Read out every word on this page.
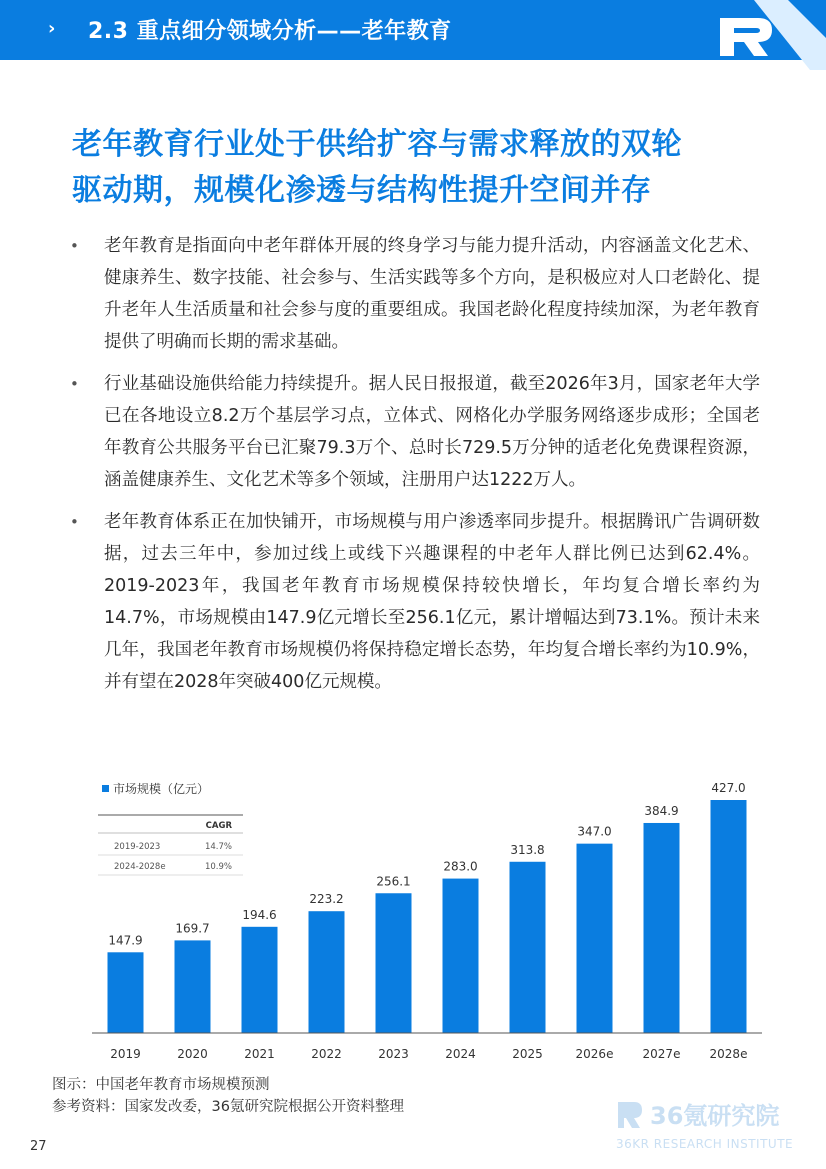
› 2.3 重点细分领域分析——老年教育
老年教育行业处于供给扩容与需求释放的双轮
驱动期，规模化渗透与结构性提升空间并存
• 老年教育是指面向中老年群体开展的终身学习与能力提升活动，内容涵盖文化艺术、健康养生、数字技能、社会参与、生活实践等多个方向，是积极应对人口老龄化、提升老年人生活质量和社会参与度的重要组成。我国老龄化程度持续加深，为老年教育提供了明确而长期的需求基础。
• 行业基础设施供给能力持续提升。据人民日报报道，截至2026年3月，国家老年大学已在各地设立8.2万个基层学习点，立体式、网格化办学服务网络逐步成形；全国老年教育公共服务平台已汇聚79.3万个、总时长729.5万分钟的适老化免费课程资源，涵盖健康养生、文化艺术等多个领域，注册用户达1222万人。
• 老年教育体系正在加快铺开，市场规模与用户渗透率同步提升。根据腾讯广告调研数据，过去三年中，参加过线上或线下兴趣课程的中老年人群比例已达到62.4%。2019-2023年，我国老年教育市场规模保持较快增长，年均复合增长率约为14.7%，市场规模由147.9亿元增长至256.1亿元，累计增幅达到73.1%。预计未来几年，我国老年教育市场规模仍将保持稳定增长态势，年均复合增长率约为10.9%，并有望在2028年突破400亿元规模。
市场规模（亿元）
CAGR
2019-2023	14.7%
2024-2028e	10.9%
147.9
2019
169.7
2020
194.6
2021
223.2
2022
256.1
2023
283.0
2024
313.8
2025
347.0
2026e
384.9
2027e
427.0
2028e
图示：中国老年教育市场规模预测
参考资料：国家发改委，36氪研究院根据公开资料整理	36氪研究院
36KR RESEARCH INSTITUTE
27
